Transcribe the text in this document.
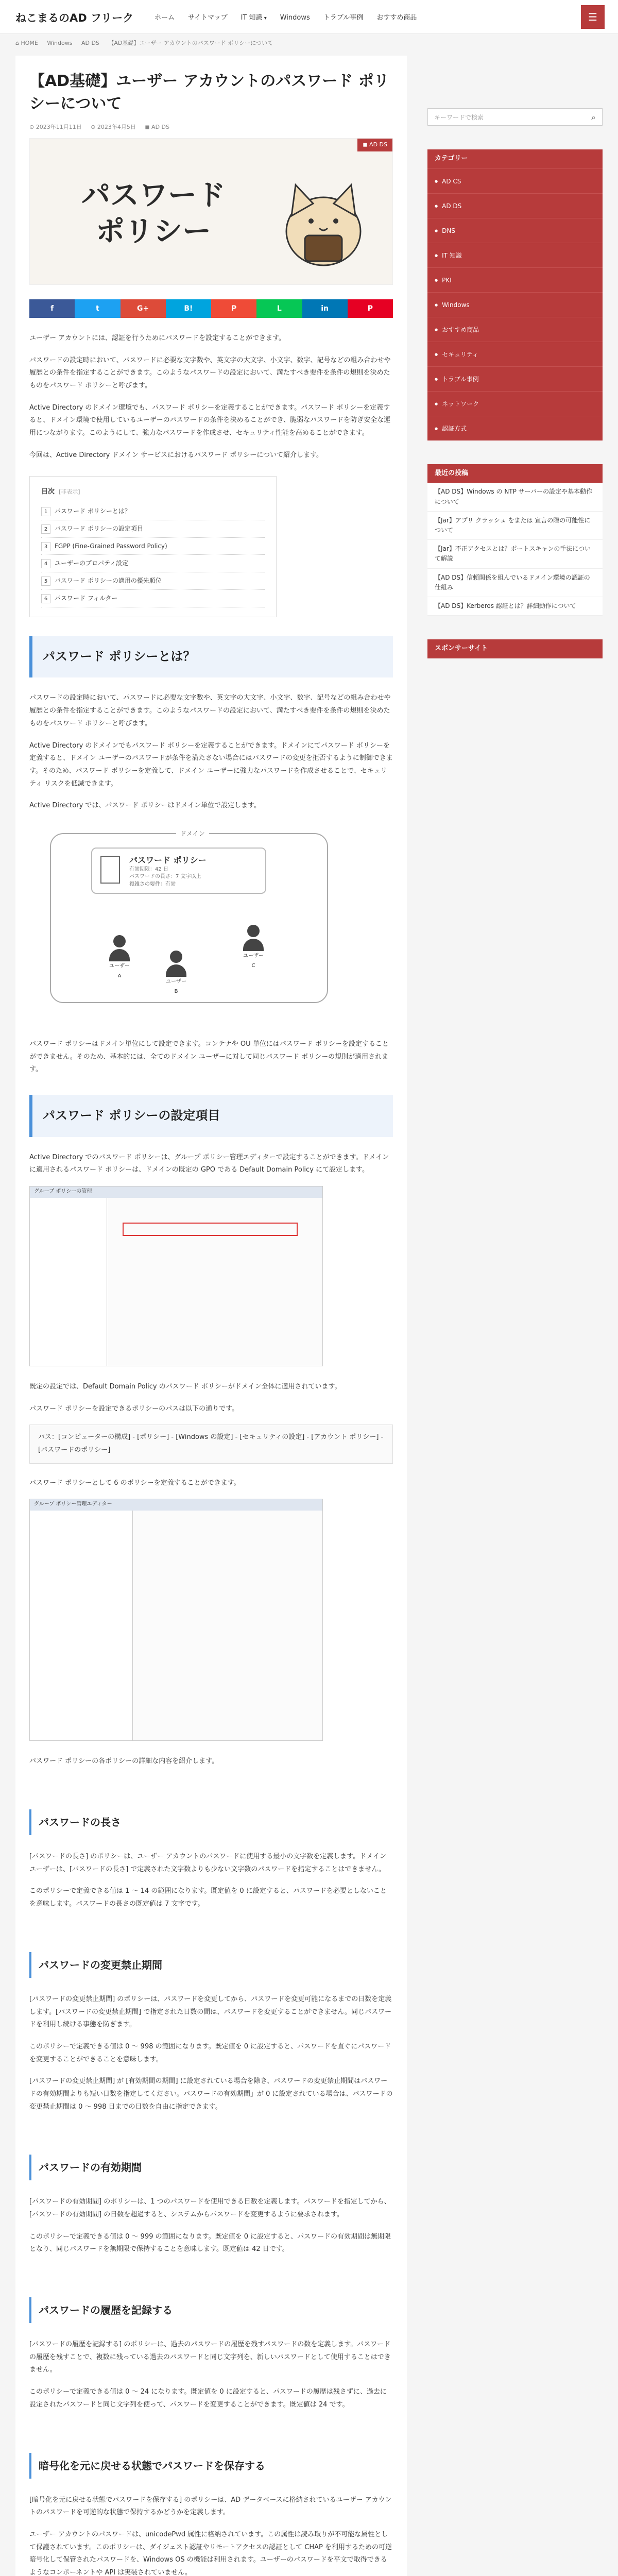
ねこまるのAD フリーク	ホーム サイトマップ IT 知識 ▾	Windows トラブル事例 おすすめ商品	☰
⌂ HOME Windows AD DS 【AD基礎】ユーザー アカウントのパスワード ポリシーについて
【AD基礎】ユーザー アカウントのパスワード ポリシーについて
⊙ 2023年11月11日 ⊙ 2023年4月5日 ◼ AD DS
◼ AD DS
パスワード
ポリシー
f	t	G+	B!	P	L	in	P

ユーザー アカウントには、認証を行うためにパスワードを設定することができます。

パスワードの設定時において、パスワードに必要な文字数や、英文字の大文字、小文字、数字、記号などの組み合わせや履歴との条件を指定することができます。このようなパスワードの設定において、満たすべき要件を条件の規則を決めたものをパスワード ポリシーと呼びます。

Active Directory のドメイン環境でも、パスワード ポリシーを定義することができます。パスワード ポリシーを定義すると、ドメイン環境で使用しているユーザーのパスワードの条件を決めることができ、脆弱なパスワードを防ぎ安全な運用につながります。このようにして、強力なパスワードを作成させ、セキュリティ性能を高めることができます。

今回は、Active Directory ドメイン サービスにおけるパスワード ポリシーについて紹介します。

目次 [非表示]
1 パスワード ポリシーとは？
2 パスワード ポリシーの設定項目
3 FGPP (Fine-Grained Password Policy)
4 ユーザーのプロパティ設定
5 パスワード ポリシーの適用の優先順位
6 パスワード フィルター
パスワード ポリシーとは？

パスワードの設定時において、パスワードに必要な文字数や、英文字の大文字、小文字、数字、記号などの組み合わせや履歴との条件を指定することができます。このようなパスワードの設定において、満たすべき要件を条件の規則を決めたものをパスワード ポリシーと呼びます。

Active Directory のドメインでもパスワード ポリシーを定義することができます。ドメインにてパスワード ポリシーを定義すると、ドメイン ユーザーのパスワードが条件を満たさない場合にはパスワードの変更を拒否するように制御できます。そのため、パスワード ポリシーを定義して、ドメイン ユーザーに強力なパスワードを作成させることで、セキュリティ リスクを低減できます。

Active Directory では、パスワード ポリシーはドメイン単位で設定します。

ドメイン
パスワード ポリシー
有効期限：42 日
パスワードの長さ：7 文字以上
複雑さの要件：有効
ユーザー A
ユーザー B
ユーザー C

パスワード ポリシーはドメイン単位にして設定できます。コンテナや OU 単位にはパスワード ポリシーを設定することができません。そのため、基本的には、全てのドメイン ユーザーに対して同じパスワード ポリシーの規則が適用されます。

パスワード ポリシーの設定項目

Active Directory でのパスワード ポリシーは、グループ ポリシー管理エディターで設定することができます。ドメインに適用されるパスワード ポリシーは、ドメインの既定の GPO である Default Domain Policy にて設定します。

グループ ポリシーの管理

既定の設定では、Default Domain Policy のパスワード ポリシーがドメイン全体に適用されています。

パスワード ポリシーを設定できるポリシーのパスは以下の通りです。

パス：[コンピューターの構成] - [ポリシー] - [Windows の設定] - [セキュリティの設定] - [アカウント ポリシー] - [パスワードのポリシー]

パスワード ポリシーとして 6 のポリシーを定義することができます。

グループ ポリシー管理エディター

パスワード ポリシーの各ポリシーの詳細な内容を紹介します。

パスワードの長さ

[パスワードの長さ] のポリシーは、ユーザー アカウントのパスワードに使用する最小の文字数を定義します。ドメイン ユーザーは、[パスワードの長さ] で定義された文字数よりも少ない文字数のパスワードを指定することはできません。

このポリシーで定義できる値は 1 ～ 14 の範囲になります。既定値を 0 に設定すると、パスワードを必要としないことを意味します。パスワードの長さの既定値は 7 文字です。

パスワードの変更禁止期間

[パスワードの変更禁止期間] のポリシーは、パスワードを変更してから、パスワードを変更可能になるまでの日数を定義します。[パスワードの変更禁止期間] で指定された日数の間は、パスワードを変更することができません。同じパスワードを利用し続ける事態を防ぎます。

このポリシーで定義できる値は 0 ～ 998 の範囲になります。既定値を 0 に設定すると、パスワードを直ぐにパスワードを変更することができることを意味します。

[パスワードの変更禁止期間] が [有効期間の期間] に設定されている場合を除き、パスワードの変更禁止期間はパスワードの有効期間よりも短い日数を指定してください。パスワードの有効期間」が 0 に設定されている場合は、パスワードの変更禁止期間は 0 ～ 998 日までの日数を自由に指定できます。

パスワードの有効期間

[パスワードの有効期間] のポリシーは、1 つのパスワードを使用できる日数を定義します。パスワードを指定してから、[パスワードの有効期間] の日数を超過すると、システムからパスワードを変更するように要求されます。

このポリシーで定義できる値は 0 ～ 999 の範囲になります。既定値を 0 に設定すると、パスワードの有効期間は無期限となり、同じパスワードを無期限で保持することを意味します。既定値は 42 日です。

パスワードの履歴を記録する

[パスワードの履歴を記録する] のポリシーは、過去のパスワードの履歴を残すパスワードの数を定義します。パスワードの履歴を残すことで、複数に残っている過去のパスワードと同じ文字列を、新しいパスワードとして使用することはできません。

このポリシーで定義できる値は 0 ～ 24 になります。既定値を 0 に設定すると、パスワードの履歴は残さずに、過去に設定されたパスワードと同じ文字列を使って、パスワードを変更することができます。既定値は 24 です。

暗号化を元に戻せる状態でパスワードを保存する

[暗号化を元に戻せる状態でパスワードを保存する] のポリシーは、AD データベースに格納されているユーザー アカウントのパスワードを可逆的な状態で保持するかどうかを定義します。

ユーザー アカウントのパスワードは、unicodePwd 属性に格納されています。この属性は読み取りが不可能な属性として保護されています。このポリシーは、ダイジェスト認証やリモートアクセスの認証として CHAP を利用するための可逆暗号化して保管されたパスワードを、Windows OS の機能は利用されます。ユーザーのパスワードを平文で取得できるようなコンポーネントや API は実装されていません。

キーワードで検索 ⌕
カテゴリー
● AD CS
● AD DS
● DNS
● IT 知識
● PKI
● Windows
● おすすめ商品
● セキュリティ
● トラブル事例
● ネットワーク
● 認証方式
最近の投稿
【AD DS】Windows の NTP サーバーの設定や基本動作について
【Jar】アプリ クラッシュ をまたは 宣言の際の可能性について
【Jar】不正アクセスとは？ポートスキャンの手法について解説
【AD DS】信頼関係を組んでいるドメイン環境の認証の仕組み
【AD DS】Kerberos 認証とは？詳細動作について
スポンサーサイト
